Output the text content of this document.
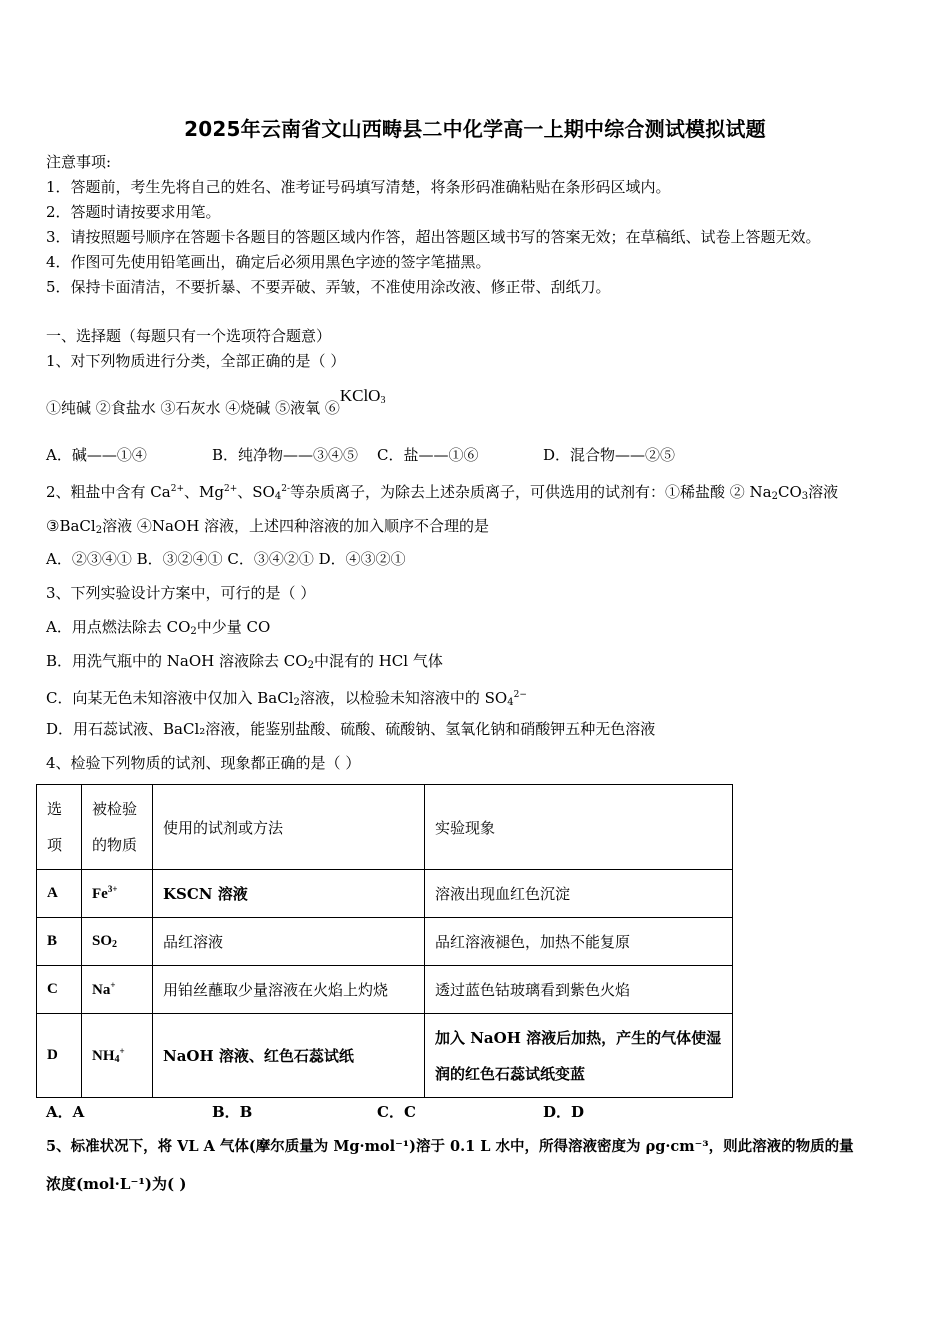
2025年云南省文山西畴县二中化学高一上期中综合测试模拟试题
注意事项:
1．答题前，考生先将自己的姓名、准考证号码填写清楚，将条形码准确粘贴在条形码区域内。
2．答题时请按要求用笔。
3．请按照题号顺序在答题卡各题目的答题区域内作答，超出答题区域书写的答案无效；在草稿纸、试卷上答题无效。
4．作图可先使用铅笔画出，确定后必须用黑色字迹的签字笔描黑。
5．保持卡面清洁，不要折暴、不要弄破、弄皱，不准使用涂改液、修正带、刮纸刀。
一、选择题（每题只有一个选项符合题意）
1、对下列物质进行分类，全部正确的是（ ）
①纯碱 ②食盐水 ③石灰水 ④烧碱 ⑤液氧 ⑥KClO$_3$
A．碱——①④	B．纯净物——③④⑤ C．盐——①⑥	D．混合物——②⑤
2、粗盐中含有 $Ca^{2+}$、$Mg^{2+}$、$SO_4^{2-}$等杂质离子，为除去上述杂质离子，可供选用的试剂有：①稀盐酸 ② $Na_2CO_3$溶液
③BaCl$_2$溶液 ④NaOH 溶液，上述四种溶液的加入顺序不合理的是
A．②③④① B．③②④① C．③④②① D．④③②①
3、下列实验设计方案中，可行的是（ ）
A．用点燃法除去 $CO_2$中少量 CO
B．用洗气瓶中的 NaOH 溶液除去 $CO_2$中混有的 HCl 气体
C．向某无色未知溶液中仅加入 BaCl$_2$溶液，以检验未知溶液中的 $SO_4^{2-}$
D．用石蕊试液、BaCl₂溶液，能鉴别盐酸、硫酸、硫酸钠、氢氧化钠和硝酸钾五种无色溶液
4、检验下列物质的试剂、现象都正确的是（ ）
选项	被检验的物质	使用的试剂或方法	实验现象
A	$Fe^{3+}$	KSCN 溶液	溶液出现血红色沉淀
B	$SO_2$	品红溶液	品红溶液褪色，加热不能复原
C	Na+	用铂丝蘸取少量溶液在火焰上灼烧	透过蓝色钴玻璃看到紫色火焰
D	$NH_4^+$	NaOH 溶液、红色石蕊试纸	加入 NaOH 溶液后加热，产生的气体使湿润的红色石蕊试纸变蓝
A．A	B．B	C．C	D．D
5、标准状况下，将 VL A 气体(摩尔质量为 Mg·mol⁻¹)溶于 0.1 L 水中，所得溶液密度为 ρg·cm⁻³，则此溶液的物质的量
浓度(mol·L⁻¹)为( )
